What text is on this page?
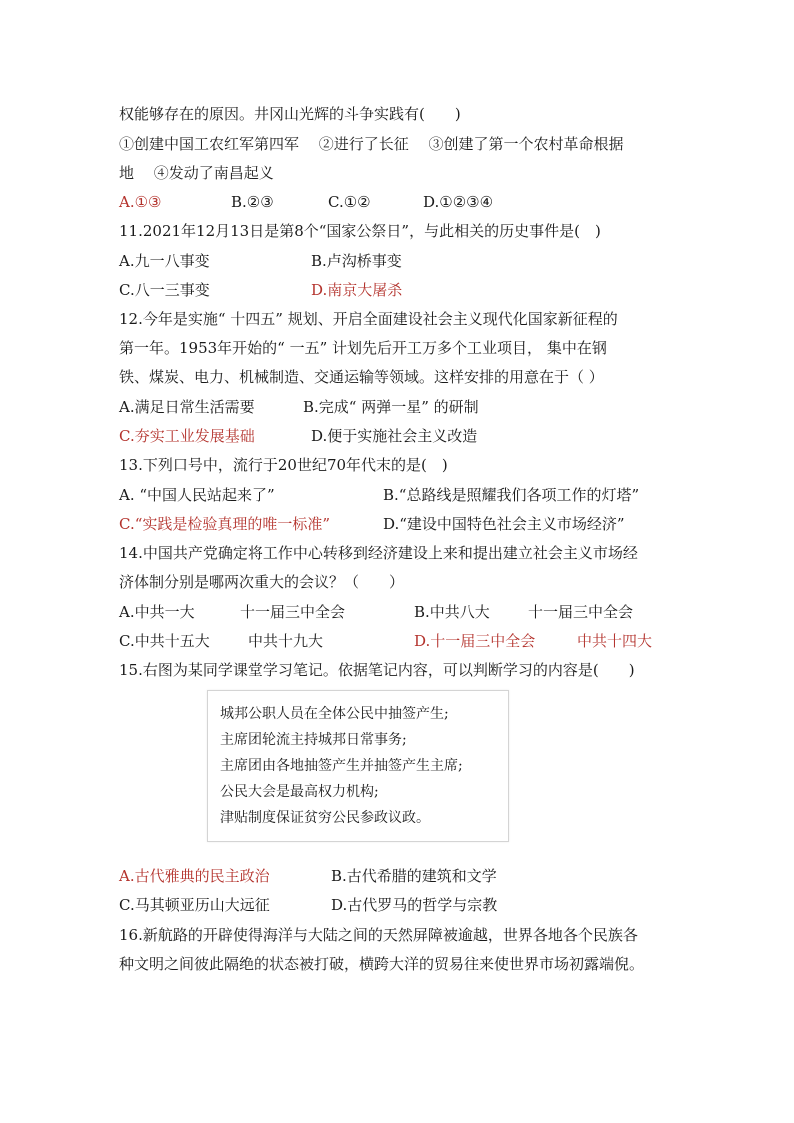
权能够存在的原因。井冈山光辉的斗争实践有(　　)
①创建中国工农红军第四军　 ②进行了长征　 ③创建了第一个农村革命根据
地　 ④发动了南昌起义
A.①③	B.②③	C.①②	D.①②③④
11.2021年12月13日是第8个“国家公祭日”，与此相关的历史事件是(　)
A.九一八事变	B.卢沟桥事变
C.八一三事变	D.南京大屠杀
12.今年是实施“ 十四五” 规划、开启全面建设社会主义现代化国家新征程的
第一年。1953年开始的“ 一五” 计划先后开工万多个工业项目， 集中在钢
铁、煤炭、电力、机械制造、交通运输等领域。这样安排的用意在于（ ）
A.满足日常生活需要	B.完成“ 两弹一星” 的研制
C.夯实工业发展基础	D.便于实施社会主义改造
13.下列口号中，流行于20世纪70年代末的是(　)
A. “中国人民站起来了”	B.“总路线是照耀我们各项工作的灯塔”
C.“实践是检验真理的唯一标准”	D.“建设中国特色社会主义市场经济”
14.中国共产党确定将工作中心转移到经济建设上来和提出建立社会主义市场经
济体制分别是哪两次重大的会议？（　　）
A.中共一大	十一届三中全会	B.中共八大	十一届三中全会
C.中共十五大	中共十九大	D.十一届三中全会	中共十四大
15.右图为某同学课堂学习笔记。依据笔记内容，可以判断学习的内容是(　　)
城邦公职人员在全体公民中抽签产生;
主席团轮流主持城邦日常事务;
主席团由各地抽签产生并抽签产生主席;
公民大会是最高权力机构;
津贴制度保证贫穷公民参政议政。
A.古代雅典的民主政治	B.古代希腊的建筑和文学
C.马其顿亚历山大远征	D.古代罗马的哲学与宗教
16.新航路的开辟使得海洋与大陆之间的天然屏障被逾越，世界各地各个民族各
种文明之间彼此隔绝的状态被打破，横跨大洋的贸易往来使世界市场初露端倪。
